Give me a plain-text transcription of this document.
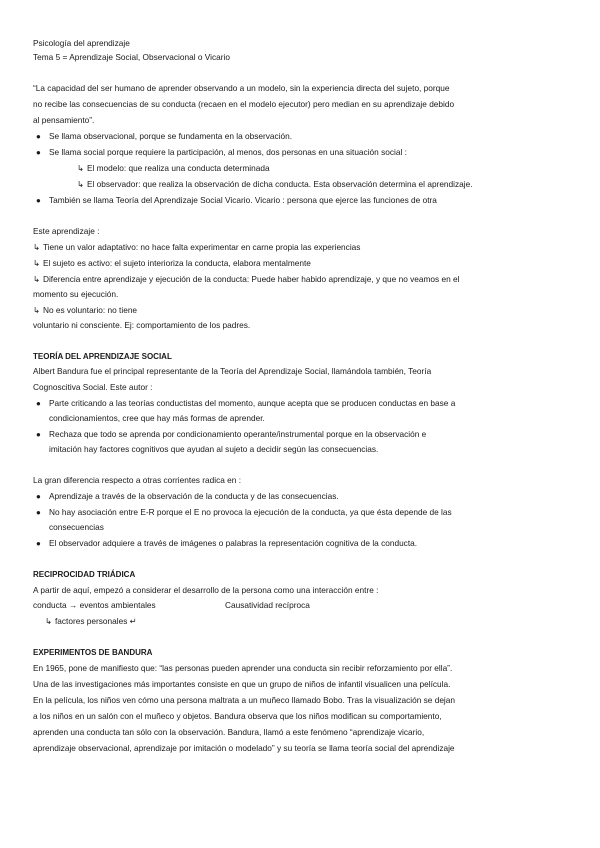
Psicología del aprendizaje
Tema 5 = Aprendizaje Social, Observacional o Vicario
“La capacidad del ser humano de aprender observando a un modelo, sin la experiencia directa del sujeto, porque
no recibe las consecuencias de su conducta (recaen en el modelo ejecutor) pero median en su aprendizaje debido
al pensamiento”.
● Se llama observacional, porque se fundamenta en la observación.
● Se llama social porque requiere la participación, al menos, dos personas en una situación social :
↳ El modelo: que realiza una conducta determinada
↳ El observador: que realiza la observación de dicha conducta. Esta observación determina el aprendizaje.
● También se llama Teoría del Aprendizaje Social Vicario. Vicario : persona que ejerce las funciones de otra
Este aprendizaje :
↳ Tiene un valor adaptativo: no hace falta experimentar en carne propia las experiencias
↳ El sujeto es activo: el sujeto interioriza la conducta, elabora mentalmente
↳ Diferencia entre aprendizaje y ejecución de la conducta: Puede haber habido aprendizaje, y que no veamos en el
momento su ejecución.
↳ No es voluntario: no tiene
voluntario ni consciente. Ej: comportamiento de los padres.
TEORÍA DEL APRENDIZAJE SOCIAL
Albert Bandura fue el principal representante de la Teoría del Aprendizaje Social, llamándola también, Teoría
Cognoscitiva Social. Este autor :
● Parte criticando a las teorías conductistas del momento, aunque acepta que se producen conductas en base a
condicionamientos, cree que hay más formas de aprender.
● Rechaza que todo se aprenda por condicionamiento operante/instrumental porque en la observación e
imitación hay factores cognitivos que ayudan al sujeto a decidir según las consecuencias.
La gran diferencia respecto a otras corrientes radica en :
● Aprendizaje a través de la observación de la conducta y de las consecuencias.
● No hay asociación entre E-R porque el E no provoca la ejecución de la conducta, ya que ésta depende de las
consecuencias
● El observador adquiere a través de imágenes o palabras la representación cognitiva de la conducta.
RECIPROCIDAD TRIÁDICA
A partir de aquí, empezó a considerar el desarrollo de la persona como una interacción entre :
conducta → eventos ambientales	Causatividad recíproca
↳ factores personales ↵
EXPERIMENTOS DE BANDURA
En 1965, pone de manifiesto que: “las personas pueden aprender una conducta sin recibir reforzamiento por ella”.
Una de las investigaciones más importantes consiste en que un grupo de niños de infantil visualicen una película.
En la película, los niños ven cómo una persona maltrata a un muñeco llamado Bobo. Tras la visualización se dejan
a los niños en un salón con el muñeco y objetos. Bandura observa que los niños modifican su comportamiento,
aprenden una conducta tan sólo con la observación. Bandura, llamó a este fenómeno “aprendizaje vicario,
aprendizaje observacional, aprendizaje por imitación o modelado” y su teoría se llama teoría social del aprendizaje
